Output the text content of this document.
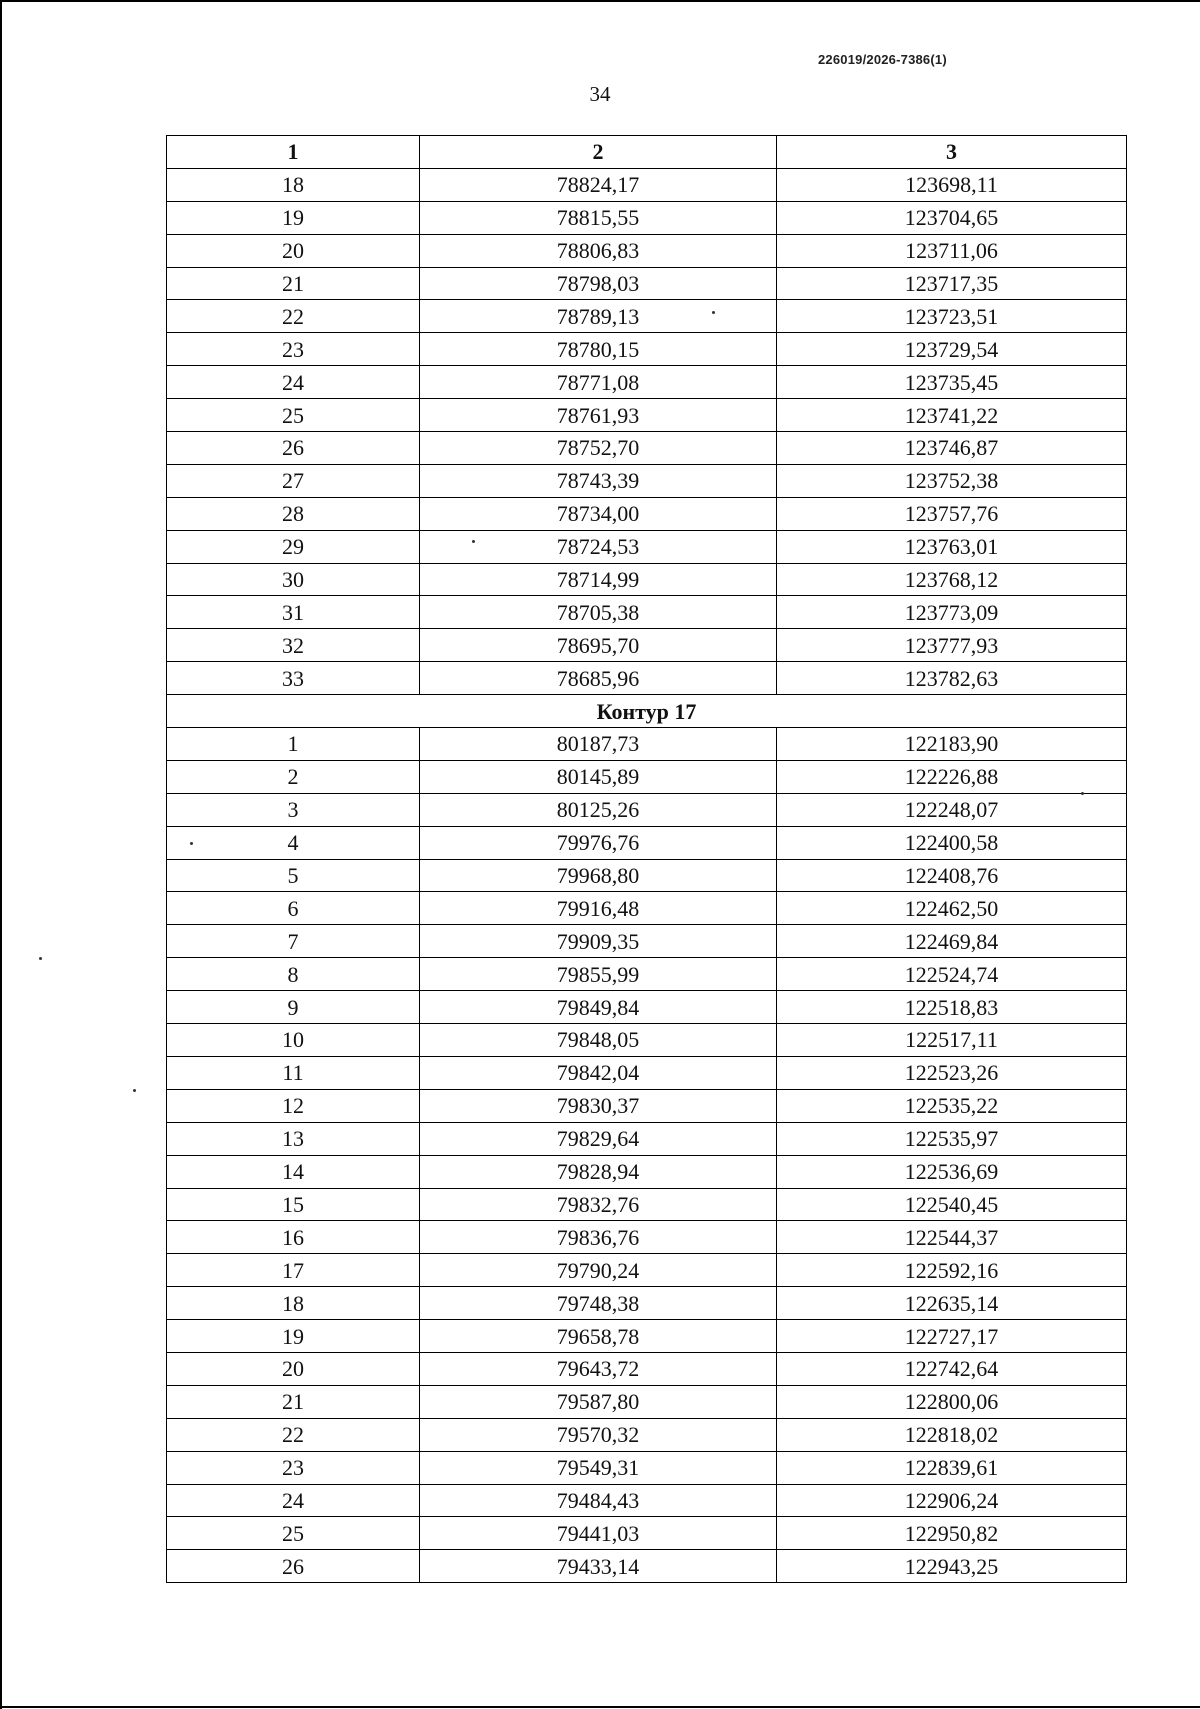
226019/2026-7386(1)
34
1	2	3
18	78824,17	123698,11
19	78815,55	123704,65
20	78806,83	123711,06
21	78798,03	123717,35
22	78789,13	123723,51
23	78780,15	123729,54
24	78771,08	123735,45
25	78761,93	123741,22
26	78752,70	123746,87
27	78743,39	123752,38
28	78734,00	123757,76
29	78724,53	123763,01
30	78714,99	123768,12
31	78705,38	123773,09
32	78695,70	123777,93
33	78685,96	123782,63
Контур 17		
1	80187,73	122183,90
2	80145,89	122226,88
3	80125,26	122248,07
4	79976,76	122400,58
5	79968,80	122408,76
6	79916,48	122462,50
7	79909,35	122469,84
8	79855,99	122524,74
9	79849,84	122518,83
10	79848,05	122517,11
11	79842,04	122523,26
12	79830,37	122535,22
13	79829,64	122535,97
14	79828,94	122536,69
15	79832,76	122540,45
16	79836,76	122544,37
17	79790,24	122592,16
18	79748,38	122635,14
19	79658,78	122727,17
20	79643,72	122742,64
21	79587,80	122800,06
22	79570,32	122818,02
23	79549,31	122839,61
24	79484,43	122906,24
25	79441,03	122950,82
26	79433,14	122943,25
